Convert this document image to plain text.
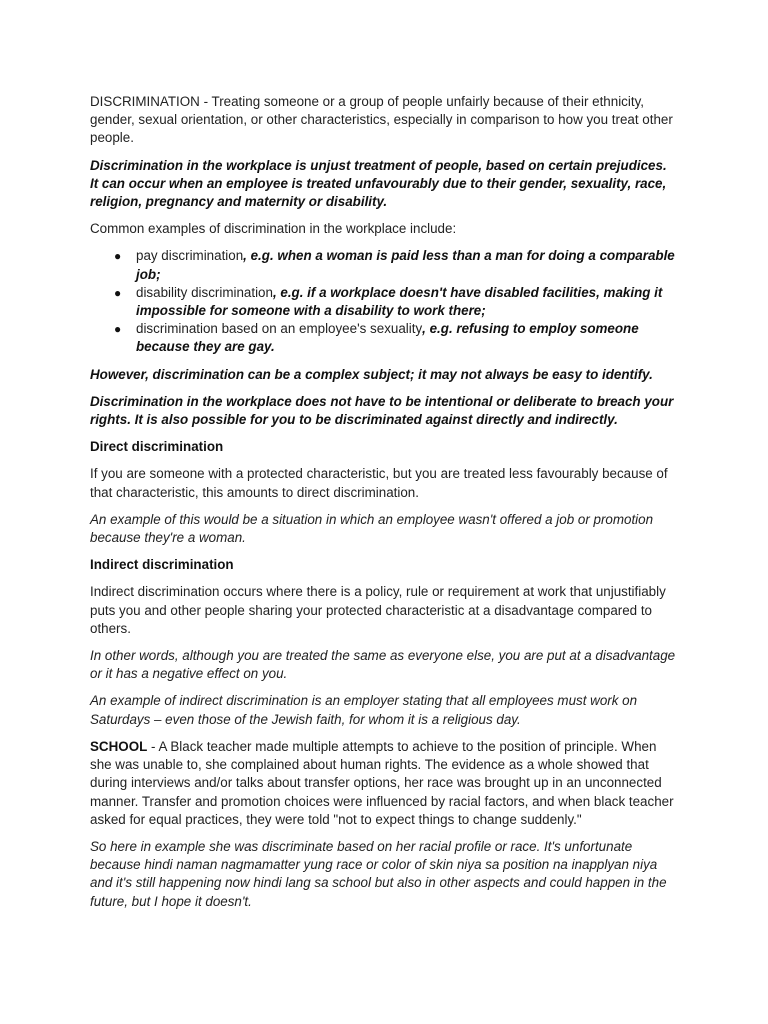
DISCRIMINATION - Treating someone or a group of people unfairly because of their ethnicity, gender, sexual orientation, or other characteristics, especially in comparison to how you treat other people.

Discrimination in the workplace is unjust treatment of people, based on certain prejudices. It can occur when an employee is treated unfavourably due to their gender, sexuality, race, religion, pregnancy and maternity or disability.

Common examples of discrimination in the workplace include:

● pay discrimination, e.g. when a woman is paid less than a man for doing a comparable job;
● disability discrimination, e.g. if a workplace doesn't have disabled facilities, making it impossible for someone with a disability to work there;
● discrimination based on an employee's sexuality, e.g. refusing to employ someone because they are gay.

However, discrimination can be a complex subject; it may not always be easy to identify.

Discrimination in the workplace does not have to be intentional or deliberate to breach your rights. It is also possible for you to be discriminated against directly and indirectly.

Direct discrimination

If you are someone with a protected characteristic, but you are treated less favourably because of that characteristic, this amounts to direct discrimination.

An example of this would be a situation in which an employee wasn't offered a job or promotion because they're a woman.

Indirect discrimination

Indirect discrimination occurs where there is a policy, rule or requirement at work that unjustifiably puts you and other people sharing your protected characteristic at a disadvantage compared to others.

In other words, although you are treated the same as everyone else, you are put at a disadvantage or it has a negative effect on you.

An example of indirect discrimination is an employer stating that all employees must work on Saturdays – even those of the Jewish faith, for whom it is a religious day.

SCHOOL - A Black teacher made multiple attempts to achieve to the position of principle. When she was unable to, she complained about human rights. The evidence as a whole showed that during interviews and/or talks about transfer options, her race was brought up in an unconnected manner. Transfer and promotion choices were influenced by racial factors, and when black teacher asked for equal practices, they were told "not to expect things to change suddenly."

So here in example she was discriminate based on her racial profile or race. It's unfortunate because hindi naman nagmamatter yung race or color of skin niya sa position na inapplyan niya and it's still happening now hindi lang sa school but also in other aspects and could happen in the future, but I hope it doesn't.
